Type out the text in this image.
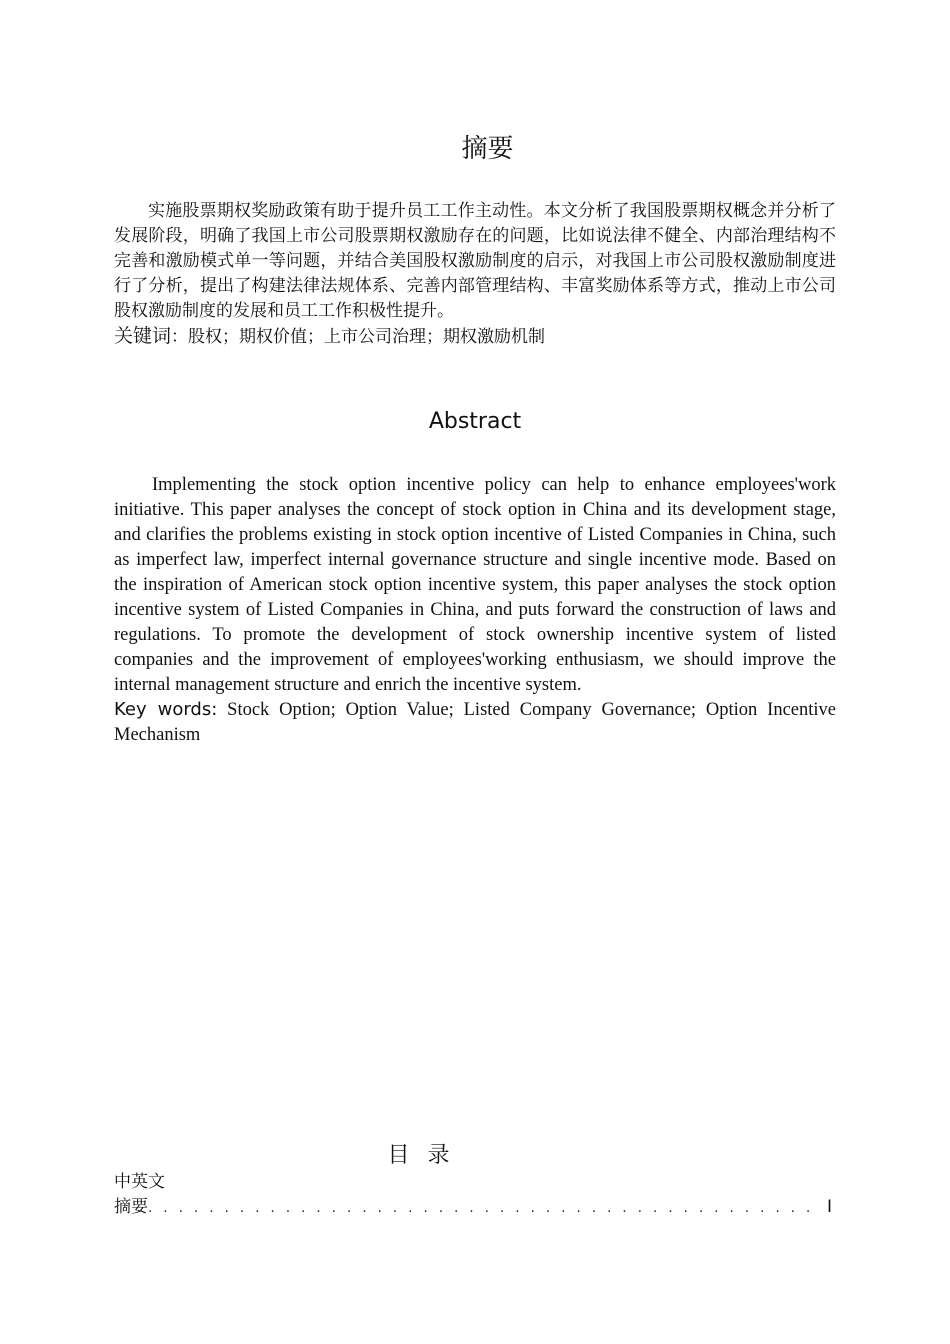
摘要

实施股票期权奖励政策有助于提升员工工作主动性。本文分析了我国股票期权概念并分析了发展阶段，明确了我国上市公司股票期权激励存在的问题，比如说法律不健全、内部治理结构不完善和激励模式单一等问题，并结合美国股权激励制度的启示，对我国上市公司股权激励制度进行了分析，提出了构建法律法规体系、完善内部管理结构、丰富奖励体系等方式，推动上市公司股权激励制度的发展和员工工作积极性提升。

关键词：股权；期权价值；上市公司治理；期权激励机制

Abstract

Implementing the stock option incentive policy can help to enhance employees'work initiative. This paper analyses the concept of stock option in China and its development stage, and clarifies the problems existing in stock option incentive of Listed Companies in China, such as imperfect law, imperfect internal governance structure and single incentive mode. Based on the inspiration of American stock option incentive system, this paper analyses the stock option incentive system of Listed Companies in China, and puts forward the construction of laws and regulations. To promote the development of stock ownership incentive system of listed companies and the improvement of employees'working enthusiasm, we should improve the internal management structure and enrich the incentive system.

Key words: Stock Option; Option Value; Listed Company Governance; Option Incentive Mechanism

目录
中英文
摘要
. . .	I
